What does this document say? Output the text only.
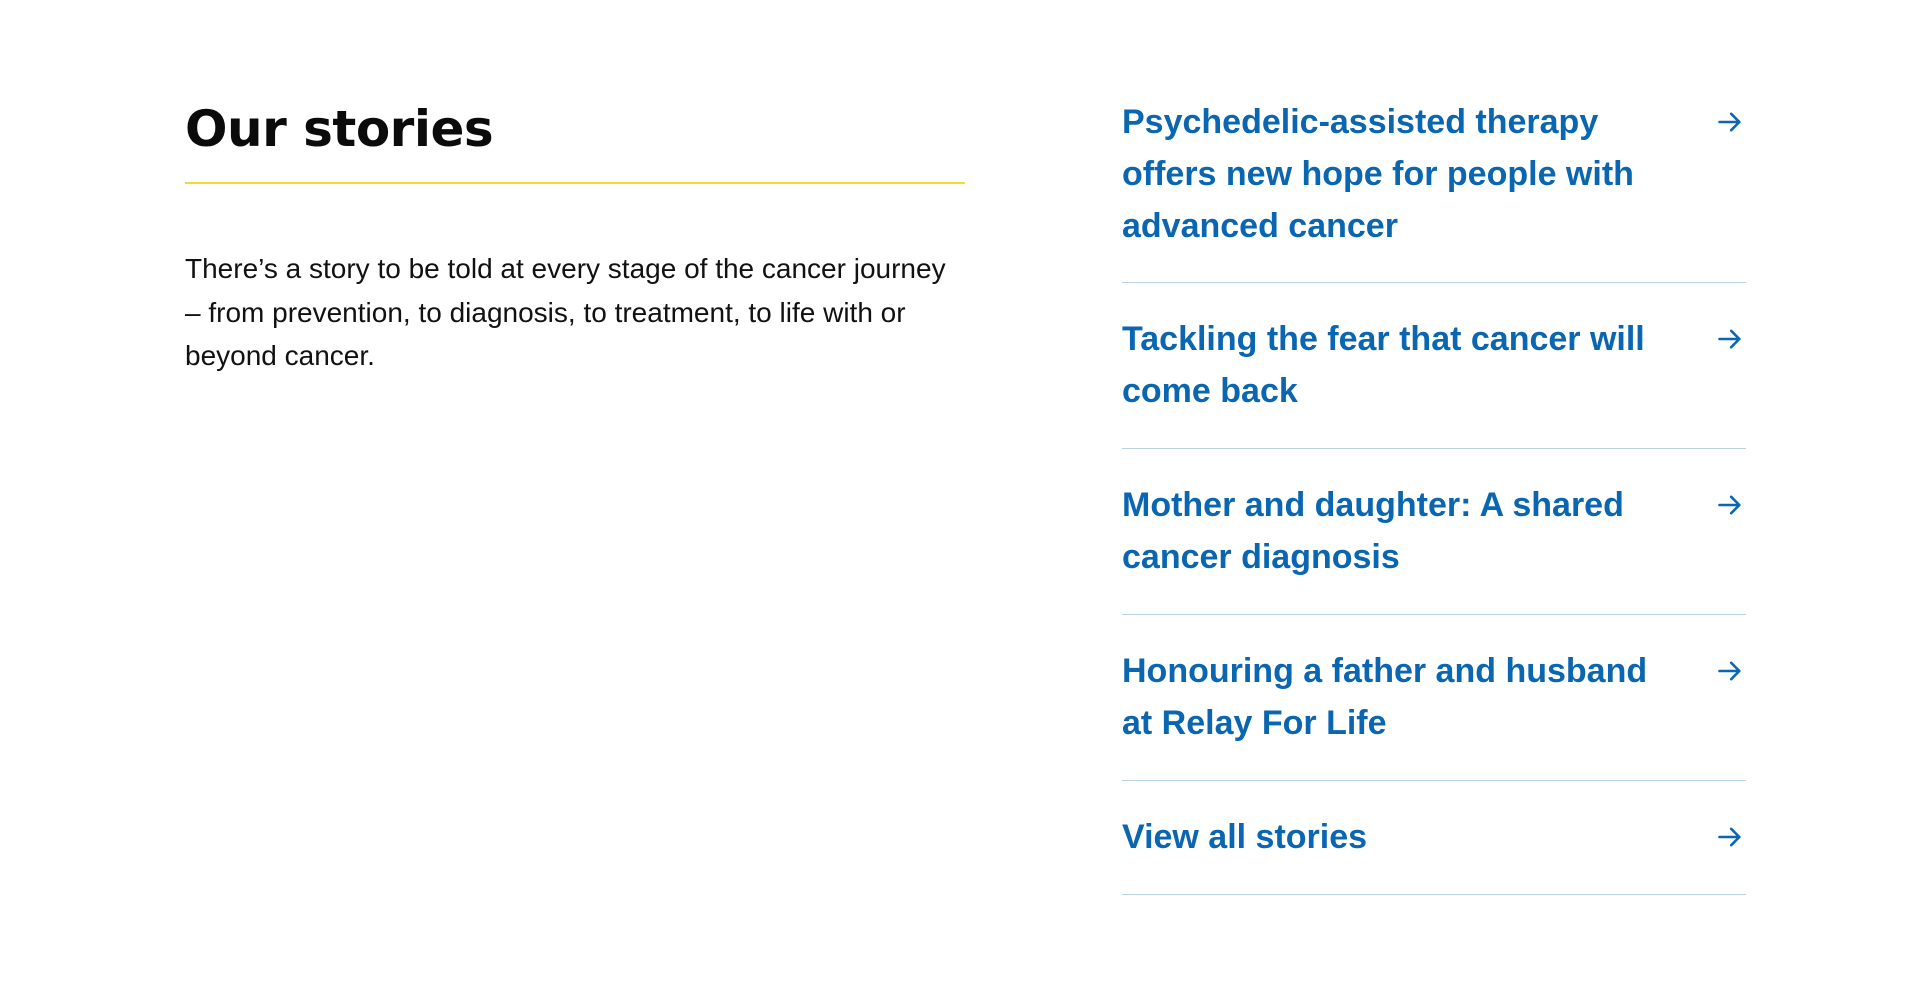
Our stories

There’s a story to be told at every stage of the cancer journey – from prevention, to diagnosis, to treatment, to life with or beyond cancer.

Psychedelic-assisted therapy offers new hope for people with advanced cancer
Tackling the fear that cancer will come back
Mother and daughter: A shared cancer diagnosis
Honouring a father and husband at Relay For Life
View all stories
